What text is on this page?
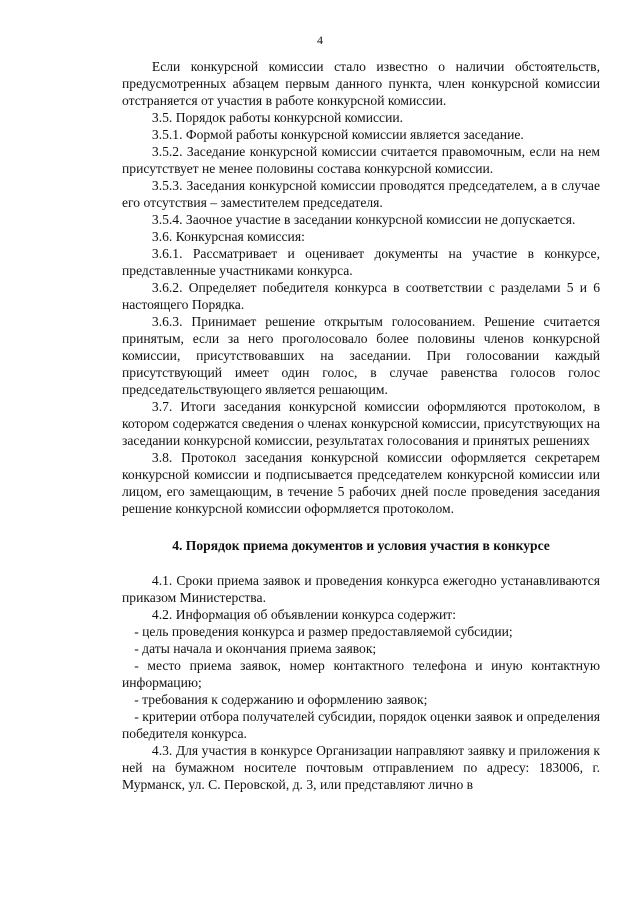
4

Если конкурсной комиссии стало известно о наличии обстоятельств, предусмотренных абзацем первым данного пункта, член конкурсной комиссии отстраняется от участия в работе конкурсной комиссии.

3.5. Порядок работы конкурсной комиссии.

3.5.1. Формой работы конкурсной комиссии является заседание.

3.5.2. Заседание конкурсной комиссии считается правомочным, если на нем присутствует не менее половины состава конкурсной комиссии.

3.5.3. Заседания конкурсной комиссии проводятся председателем, а в случае его отсутствия – заместителем председателя.

3.5.4. Заочное участие в заседании конкурсной комиссии не допускается.

3.6. Конкурсная комиссия:

3.6.1. Рассматривает и оценивает документы на участие в конкурсе, представленные участниками конкурса.

3.6.2. Определяет победителя конкурса в соответствии с разделами 5 и 6 настоящего Порядка.

3.6.3. Принимает решение открытым голосованием. Решение считается принятым, если за него проголосовало более половины членов конкурсной комиссии, присутствовавших на заседании. При голосовании каждый присутствующий имеет один голос, в случае равенства голосов голос председательствующего является решающим.

3.7. Итоги заседания конкурсной комиссии оформляются протоколом, в котором содержатся сведения о членах конкурсной комиссии, присутствующих на заседании конкурсной комиссии, результатах голосования и принятых решениях

3.8. Протокол заседания конкурсной комиссии оформляется секретарем конкурсной комиссии и подписывается председателем конкурсной комиссии или лицом, его замещающим, в течение 5 рабочих дней после проведения заседания решение конкурсной комиссии оформляется протоколом.

4. Порядок приема документов и условия участия в конкурсе

4.1. Сроки приема заявок и проведения конкурса ежегодно устанавливаются приказом Министерства.

4.2. Информация об объявлении конкурса содержит:

- цель проведения конкурса и размер предоставляемой субсидии;

- даты начала и окончания приема заявок;

- место приема заявок, номер контактного телефона и иную контактную информацию;

- требования к содержанию и оформлению заявок;

- критерии отбора получателей субсидии, порядок оценки заявок и определения победителя конкурса.

4.3. Для участия в конкурсе Организации направляют заявку и приложения к ней на бумажном носителе почтовым отправлением по адресу: 183006, г. Мурманск, ул. С. Перовской, д. 3, или представляют лично в
